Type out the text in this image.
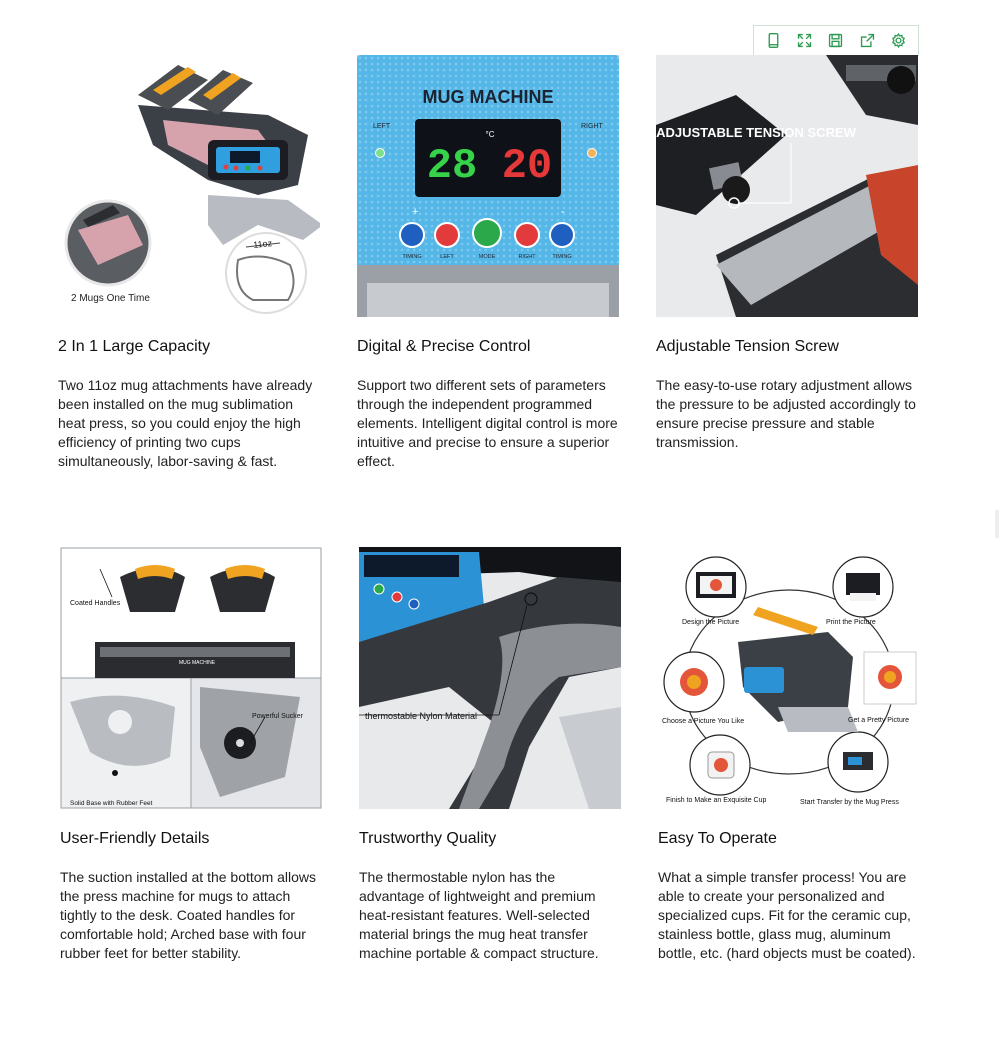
11oz
2 Mugs One Time
2 In 1 Large Capacity

Two 11oz mug attachments have already been installed on the mug sublimation heat press, so you could enjoy the high efficiency of printing two cups simultaneously, labor-saving & fast.

MUG MACHINE
LEFT	RIGHT
28 20
°C
+	-
TIMING	LEFT	MODE	RIGHT	TIMING
Digital & Precise Control

Support two different sets of parameters through the independent programmed elements. Intelligent digital control is more intuitive and precise to ensure a superior effect.

ADJUSTABLE TENSION SCREW
Adjustable Tension Screw

The easy-to-use rotary adjustment allows the pressure to be adjusted accordingly to ensure precise pressure and stable transmission.

MUG MACHINE
Coated Handles
Solid Base with Rubber Feet
Powerful Sucker
User-Friendly Details

The suction installed at the bottom allows the press machine for mugs to attach tightly to the desk. Coated handles for comfortable hold; Arched base with four rubber feet for better stability.

thermostable Nylon Material
Trustworthy Quality

The thermostable nylon has the advantage of lightweight and premium heat-resistant features. Well-selected material brings the mug heat transfer machine portable & compact structure.

Design the Picture	Print the Picture
Get a Pretty Picture
Start Transfer by the Mug Press
Finish to Make an Exquisite Cup
Choose a Picture You Like
Easy To Operate

What a simple transfer process! You are able to create your personalized and specialized cups. Fit for the ceramic cup, stainless bottle, glass mug, aluminum bottle, etc. (hard objects must be coated).
